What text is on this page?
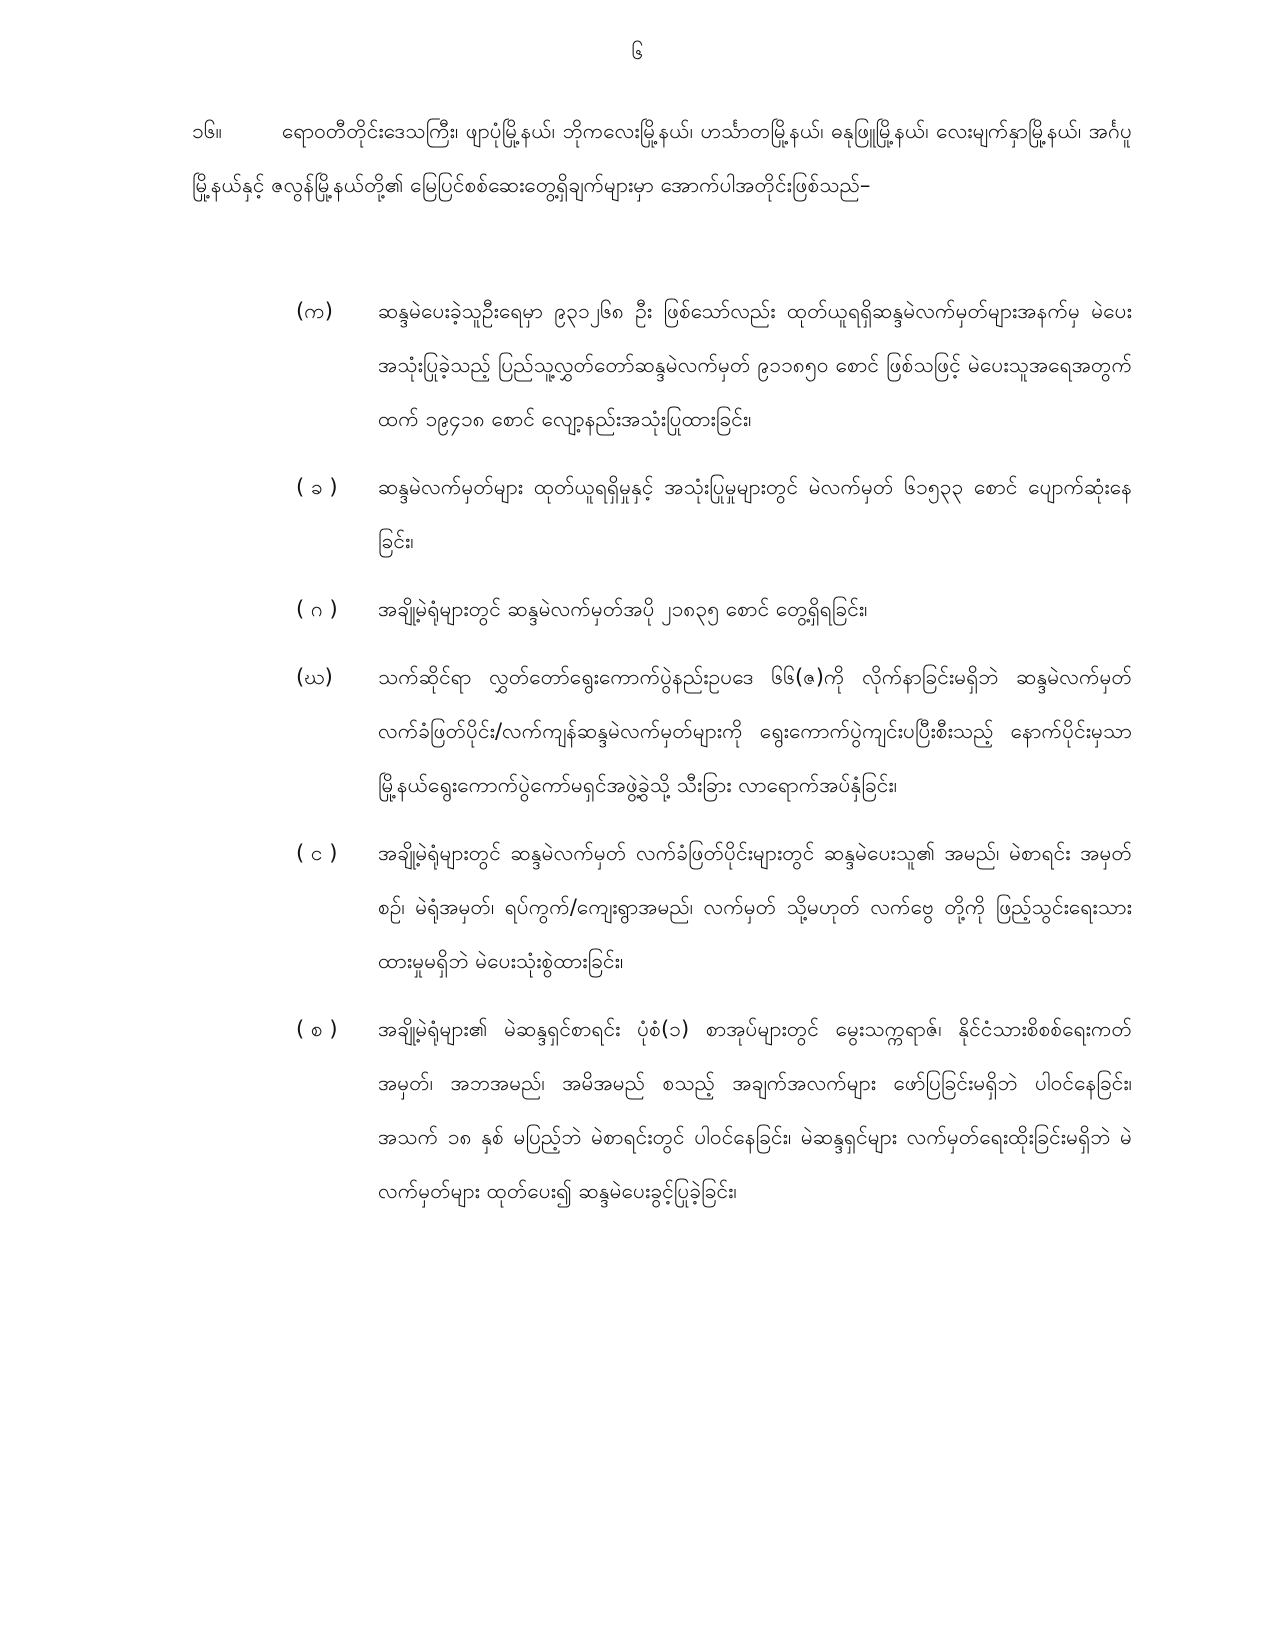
၆
၁၆။	ရောဝတီတိုင်းဒေသကြီး၊ ဖျာပုံမြို့နယ်၊ ဘိုကလေးမြို့နယ်၊ ဟင်္သာတမြို့နယ်၊ ဓနုဖြူမြို့နယ်၊ လေးမျက်နှာမြို့နယ်၊ အင်္ဂပူမြို့နယ်နှင့် ဇလွန်မြို့နယ်တို့၏ မြေပြင်စစ်ဆေးတွေ့ရှိချက်များမှာ အောက်ပါအတိုင်းဖြစ်သည်–
(က)	ဆန္ဒမဲပေးခဲ့သူဦးရေမှာ ၉၃၁၂၆၈ ဦး ဖြစ်သော်လည်း ထုတ်ယူရရှိဆန္ဒမဲလက်မှတ်များအနက်မှ မဲပေးအသုံးပြုခဲ့သည့် ပြည်သူ့လွှတ်တော်ဆန္ဒမဲလက်မှတ် ၉၁၁၈၅၀ စောင် ဖြစ်သဖြင့် မဲပေးသူအရေအတွက်ထက် ၁၉၄၁၈ စောင် လျော့နည်းအသုံးပြုထားခြင်း၊
( ခ )	ဆန္ဒမဲလက်မှတ်များ ထုတ်ယူရရှိမှုနှင့် အသုံးပြုမှုများတွင် မဲလက်မှတ် ၆၁၅၃၃ စောင် ပျောက်ဆုံးနေခြင်း၊
( ဂ )	အချို့မဲရုံများတွင် ဆန္ဒမဲလက်မှတ်အပို ၂၁၈၃၅ စောင် တွေ့ရှိရခြင်း၊
(ဃ)	သက်ဆိုင်ရာ လွှတ်တော်ရွေးကောက်ပွဲနည်းဥပဒေ ၆၆(ဇ)ကို လိုက်နာခြင်းမရှိဘဲ ဆန္ဒမဲလက်မှတ် လက်ခံဖြတ်ပိုင်း/လက်ကျန်ဆန္ဒမဲလက်မှတ်များကို ရွေးကောက်ပွဲကျင်းပပြီးစီးသည့် နောက်ပိုင်းမှသာ မြို့နယ်ရွေးကောက်ပွဲကော်မရှင်အဖွဲ့ခွဲသို့ သီးခြား လာရောက်အပ်နှံခြင်း၊
( င )	အချို့မဲရုံများတွင် ဆန္ဒမဲလက်မှတ် လက်ခံဖြတ်ပိုင်းများတွင် ဆန္ဒမဲပေးသူ၏ အမည်၊ မဲစာရင်း အမှတ်စဉ်၊ မဲရုံအမှတ်၊ ရပ်ကွက်/ကျေးရွာအမည်၊ လက်မှတ် သို့မဟုတ် လက်ဗွေ တို့ကို ဖြည့်သွင်းရေးသားထားမှုမရှိဘဲ မဲပေးသုံးစွဲထားခြင်း၊
( စ )	အချို့မဲရုံများ၏ မဲဆန္ဒရှင်စာရင်း ပုံစံ(၁) စာအုပ်များတွင် မွေးသက္ကရာဇ်၊ နိုင်ငံသားစိစစ်ရေးကတ်အမှတ်၊ အဘအမည်၊ အမိအမည် စသည့် အချက်အလက်များ ဖော်ပြခြင်းမရှိဘဲ ပါဝင်နေခြင်း၊ အသက် ၁၈ နှစ် မပြည့်ဘဲ မဲစာရင်းတွင် ပါဝင်နေခြင်း၊ မဲဆန္ဒရှင်များ လက်မှတ်ရေးထိုးခြင်းမရှိဘဲ မဲလက်မှတ်များ ထုတ်ပေး၍ ဆန္ဒမဲပေးခွင့်ပြုခဲ့ခြင်း၊
